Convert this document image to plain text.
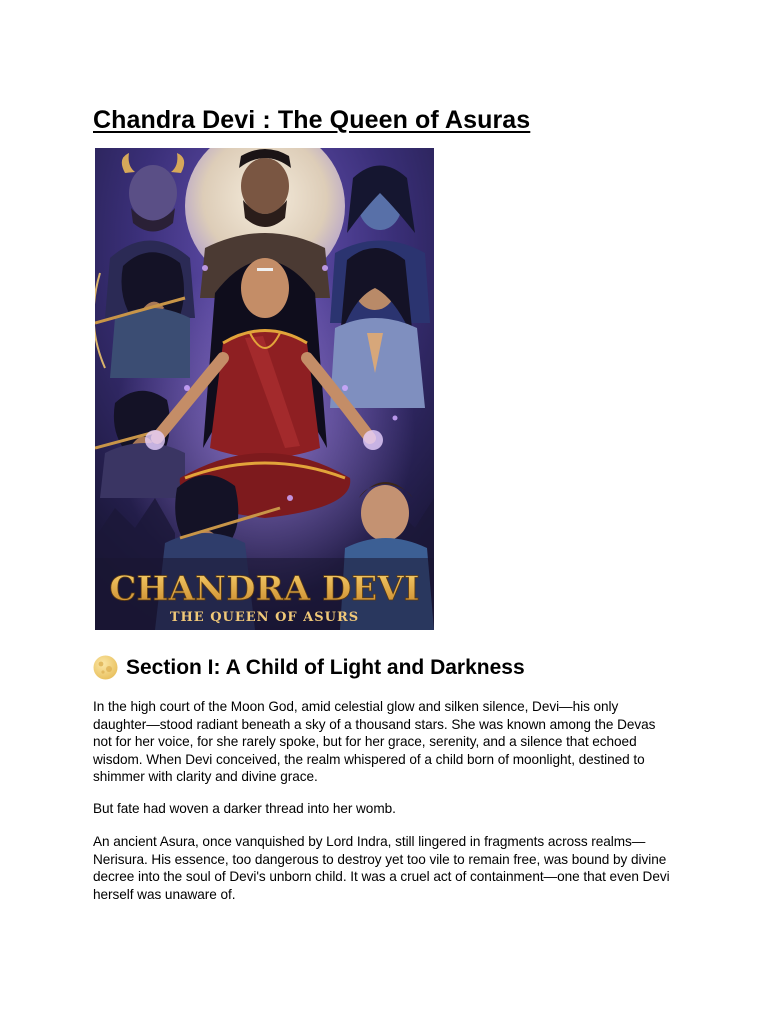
Chandra Devi : The Queen of Asuras
CHANDRA DEVI
THE QUEEN OF ASURS
Section I: A Child of Light and Darkness

In the high court of the Moon God, amid celestial glow and silken silence, Devi—his only daughter—stood radiant beneath a sky of a thousand stars. She was known among the Devas not for her voice, for she rarely spoke, but for her grace, serenity, and a silence that echoed wisdom. When Devi conceived, the realm whispered of a child born of moonlight, destined to shimmer with clarity and divine grace.

But fate had woven a darker thread into her womb.

An ancient Asura, once vanquished by Lord Indra, still lingered in fragments across realms—Nerisura. His essence, too dangerous to destroy yet too vile to remain free, was bound by divine decree into the soul of Devi's unborn child. It was a cruel act of containment—one that even Devi herself was unaware of.
